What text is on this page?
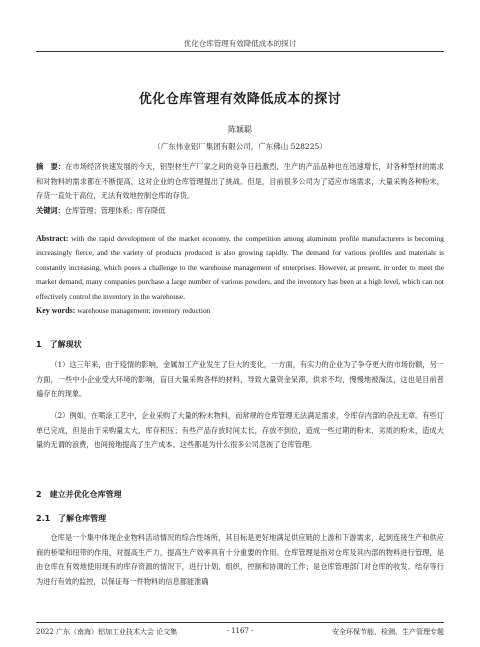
优化仓库管理有效降低成本的探讨
优化仓库管理有效降低成本的探讨
陈颖聪
（广东伟业铝厂集团有限公司，广东佛山 528225）
摘　要：在市场经济快速发展的今天，铝型材生产厂家之间的竞争日趋激烈，生产的产品品种也在迅速增长，对各种型材的需求和对物料的需求都在不断提高，这对企业的仓库管理提出了挑战。但是，目前很多公司为了适应市场需求，大量采购各种粉末，存货一直处于高位，无法有效地控制仓库的存货。
关键词：仓库管理；管理体系；库存降低
Abstract: with the rapid development of the market economy, the competition among aluminum profile manufacturers is becoming increasingly fierce, and the variety of products produced is also growing rapidly. The demand for various profiles and materials is constantly increasing, which poses a challenge to the warehouse management of enterprises. However, at present, in order to meet the market demand, many companies purchase a large number of various powders, and the inventory has been at a high level, which can not effectively control the inventory in the warehouse.
Key words: warehouse management; inventory reduction
1　了解现状
（1）这三年来，由于疫情的影响，金属加工产业发生了巨大的变化，一方面，有实力的企业为了争夺更大的市场份额，另一方面，一些中小企业受大环境的影响，盲目大量采购各样的材料，导致大量资金呆滞，供求不均，慢慢地被淘汰，这也是目前普遍存在的现象。
（2）例如，在喷涂工艺中，企业采购了大量的粉末物料，而常规的仓库管理无法满足需求，令库存内部的杂乱无章。有些订单已完成，但是由于采购量太大，库存积压；有些产品存放时间太长，存放不到位，造成一些过期的粉末，劣质的粉末，造成大量的无谓的浪费，也间接地提高了生产成本。这些都是为什么很多公司忽视了仓库管理。
2　建立并优化仓库管理
2.1　了解仓库管理
仓库是一个集中体现企业物料活动情况的综合性场所，其目标是更好地满足供应链的上游和下游需求，起到连接生产和供应商的桥梁和纽带的作用，对提高生产力，提高生产效率具有十分重要的作用。仓库管理是指对仓库及其内部的物料进行管理，是由仓库在有效地使用现有的库存资源的情况下，进行计划、组织、控制和协调的工作；是仓库管理部门对仓库的收发、结存等行为进行有效的监控，以保证每一件物料的信息都能准确
2022 广东（南海）铝加工业技术大会 论文集	- 1167 -	安全环保节能、检测、生产管理专题
